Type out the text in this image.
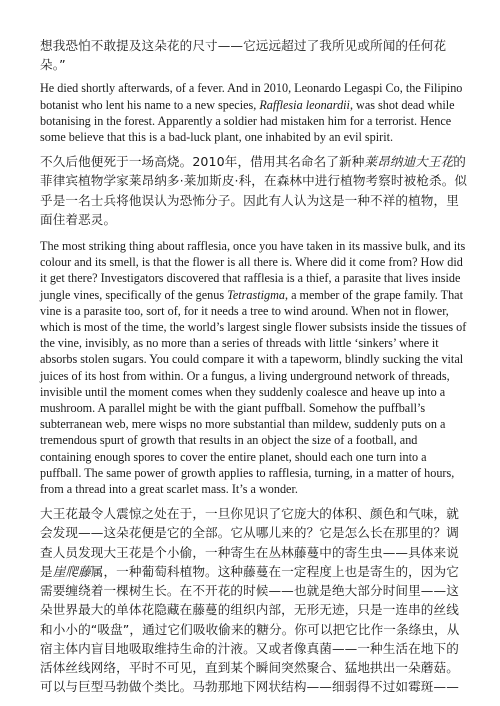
想我恐怕不敢提及这朵花的尺寸——它远远超过了我所见或所闻的任何花朵。”

He died shortly afterwards, of a fever. And in 2010, Leonardo Legaspi Co, the Filipino botanist who lent his name to a new species, Rafflesia leonardii, was shot dead while botanising in the forest. Apparently a soldier had mistaken him for a terrorist. Hence some believe that this is a bad-luck plant, one inhabited by an evil spirit.

不久后他便死于一场高烧。2010年，借用其名命名了新种莱昂纳迪大王花的菲律宾植物学家莱昂纳多·莱加斯皮·科，在森林中进行植物考察时被枪杀。似乎是一名士兵将他误认为恐怖分子。因此有人认为这是一种不祥的植物，里面住着恶灵。

The most striking thing about rafflesia, once you have taken in its massive bulk, and its colour and its smell, is that the flower is all there is. Where did it come from? How did it get there? Investigators discovered that rafflesia is a thief, a parasite that lives inside jungle vines, specifically of the genus Tetrastigma, a member of the grape family. That vine is a parasite too, sort of, for it needs a tree to wind around. When not in flower, which is most of the time, the world’s largest single flower subsists inside the tissues of the vine, invisibly, as no more than a series of threads with little ‘sinkers’ where it absorbs stolen sugars. You could compare it with a tapeworm, blindly sucking the vital juices of its host from within. Or a fungus, a living underground network of threads, invisible until the moment comes when they suddenly coalesce and heave up into a mushroom. A parallel might be with the giant puffball. Somehow the puffball’s subterranean web, mere wisps no more substantial than mildew, suddenly puts on a tremendous spurt of growth that results in an object the size of a football, and containing enough spores to cover the entire planet, should each one turn into a puffball. The same power of growth applies to rafflesia, turning, in a matter of hours, from a thread into a great scarlet mass. It’s a wonder.

大王花最令人震惊之处在于，一旦你见识了它庞大的体积、颜色和气味，就会发现——这朵花便是它的全部。它从哪儿来的？它是怎么长在那里的？调查人员发现大王花是个小偷，一种寄生在丛林藤蔓中的寄生虫——具体来说是崖爬藤属，一种葡萄科植物。这种藤蔓在一定程度上也是寄生的，因为它需要缠绕着一棵树生长。在不开花的时候——也就是绝大部分时间里——这朵世界最大的单体花隐藏在藤蔓的组织内部，无形无迹，只是一连串的丝线和小小的“吸盘”，通过它们吸收偷来的糖分。你可以把它比作一条绦虫，从宿主体内盲目地吸取维持生命的汁液。又或者像真菌——一种生活在地下的活体丝线网络，平时不可见，直到某个瞬间突然聚合、猛地拱出一朵蘑菇。可以与巨型马勃做个类比。马勃那地下网状结构——细弱得不过如霉斑——
